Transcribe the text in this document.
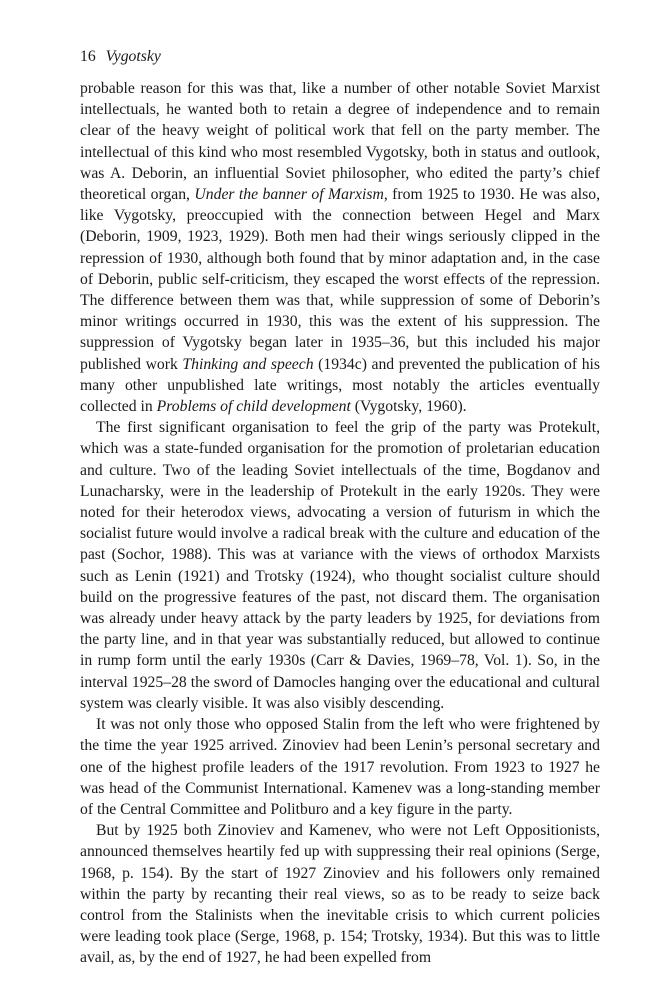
16 Vygotsky

probable reason for this was that, like a number of other notable Soviet Marxist intellectuals, he wanted both to retain a degree of independence and to remain clear of the heavy weight of political work that fell on the party member. The intellectual of this kind who most resembled Vygotsky, both in status and outlook, was A. Deborin, an influential Soviet philosopher, who edited the party’s chief theoretical organ, Under the banner of Marxism, from 1925 to 1930. He was also, like Vygotsky, preoccupied with the connection between Hegel and Marx (Deborin, 1909, 1923, 1929). Both men had their wings seriously clipped in the repression of 1930, although both found that by minor adaptation and, in the case of Deborin, public self-criticism, they escaped the worst effects of the repression. The difference between them was that, while suppression of some of Deborin’s minor writings occurred in 1930, this was the extent of his suppression. The suppression of Vygotsky began later in 1935–36, but this included his major published work Thinking and speech (1934c) and prevented the publication of his many other unpublished late writings, most notably the articles eventually collected in Problems of child development (Vygotsky, 1960).

The first significant organisation to feel the grip of the party was Protekult, which was a state-funded organisation for the promotion of proletarian education and culture. Two of the leading Soviet intellectuals of the time, Bogdanov and Lunacharsky, were in the leadership of Protekult in the early 1920s. They were noted for their heterodox views, advocating a version of futurism in which the socialist future would involve a radical break with the culture and education of the past (Sochor, 1988). This was at variance with the views of orthodox Marxists such as Lenin (1921) and Trotsky (1924), who thought socialist culture should build on the progressive features of the past, not discard them. The organisation was already under heavy attack by the party leaders by 1925, for deviations from the party line, and in that year was substantially reduced, but allowed to continue in rump form until the early 1930s (Carr & Davies, 1969–78, Vol. 1). So, in the interval 1925–28 the sword of Damocles hanging over the educational and cultural system was clearly visible. It was also visibly descending.

It was not only those who opposed Stalin from the left who were frightened by the time the year 1925 arrived. Zinoviev had been Lenin’s personal secretary and one of the highest profile leaders of the 1917 revolution. From 1923 to 1927 he was head of the Communist International. Kamenev was a long-standing member of the Central Committee and Politburo and a key figure in the party.

But by 1925 both Zinoviev and Kamenev, who were not Left Oppositionists, announced themselves heartily fed up with suppressing their real opinions (Serge, 1968, p. 154). By the start of 1927 Zinoviev and his followers only remained within the party by recanting their real views, so as to be ready to seize back control from the Stalinists when the inevitable crisis to which current policies were leading took place (Serge, 1968, p. 154; Trotsky, 1934). But this was to little avail, as, by the end of 1927, he had been expelled from
